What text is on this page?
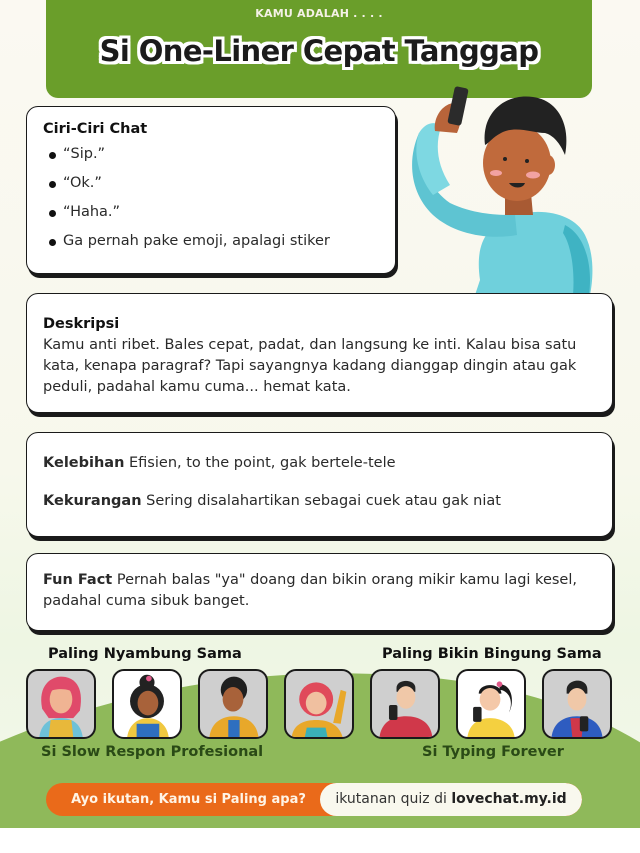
KAMU ADALAH . . . .
Si One-Liner Cepat Tanggap
Ciri-Ciri Chat
“Sip.”
“Ok.”
“Haha.”
Ga pernah pake emoji, apalagi stiker
Deskripsi
Kamu anti ribet. Bales cepat, padat, dan langsung ke inti. Kalau bisa satu kata, kenapa paragraf? Tapi sayangnya kadang dianggap dingin atau gak peduli, padahal kamu cuma... hemat kata.

Kelebihan Efisien, to the point, gak bertele-tele

Kekurangan Sering disalahartikan sebagai cuek atau gak niat

Fun Fact Pernah balas "ya" doang dan bikin orang mikir kamu lagi kesel, padahal cuma sibuk banget.
Paling Nyambung Sama	Paling Bikin Bingung Sama
Si Slow Respon Profesional	Si Typing Forever
Ayo ikutan, Kamu si Paling apa?	ikutanan quiz di lovechat.my.id
